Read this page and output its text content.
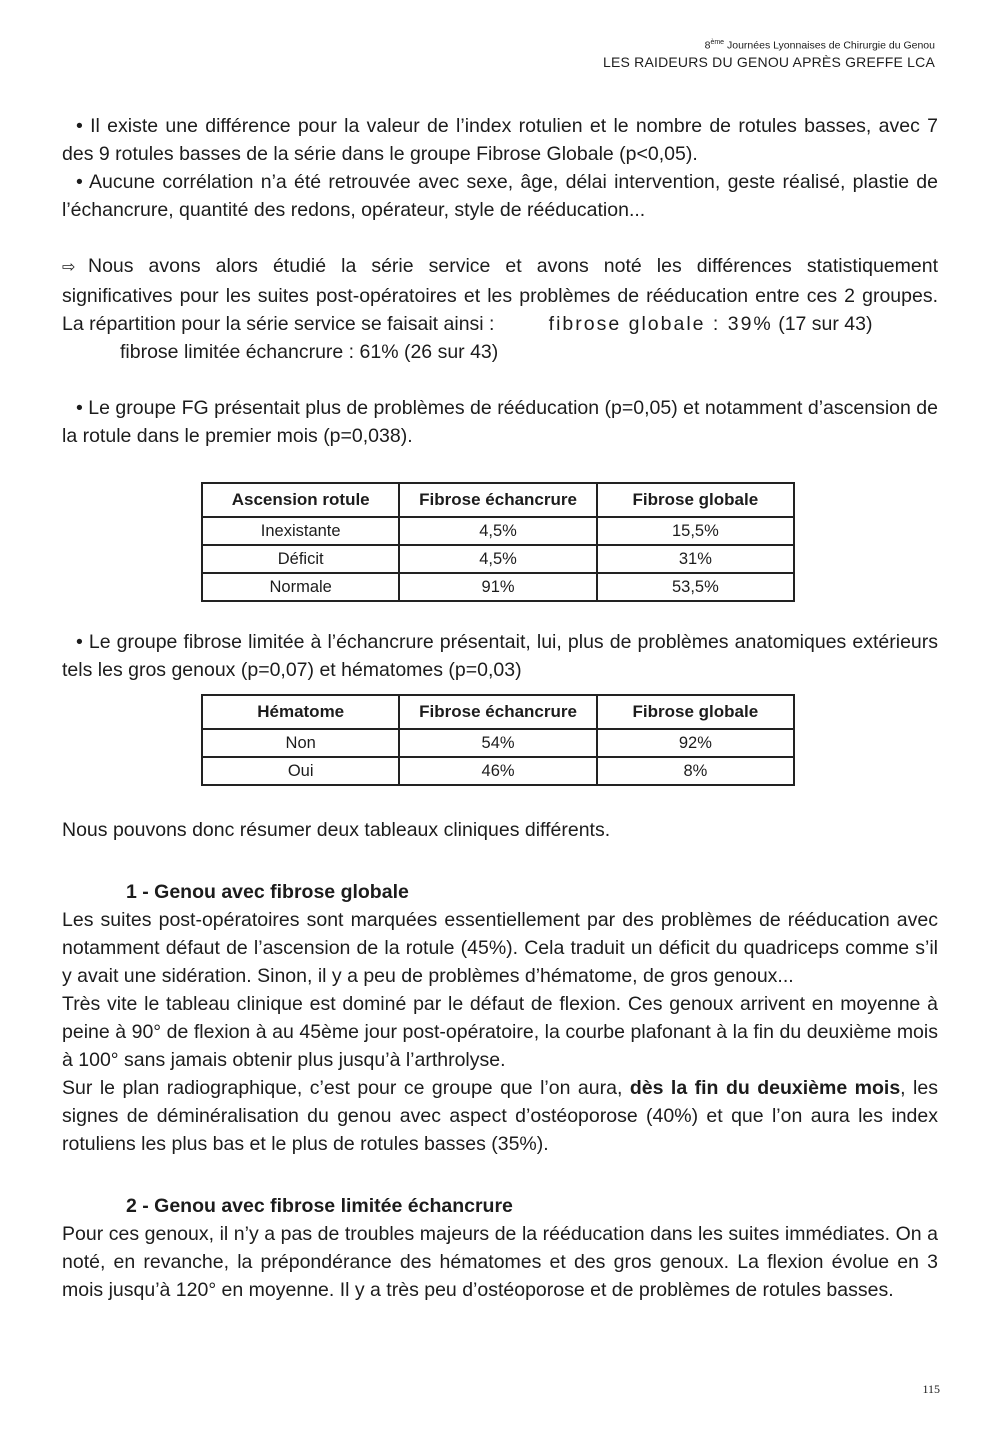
8ème Journées Lyonnaises de Chirurgie du Genou
LES RAIDEURS DU GENOU APRÈS GREFFE LCA

• Il existe une différence pour la valeur de l’index rotulien et le nombre de rotules basses, avec 7 des 9 rotules basses de la série dans le groupe Fibrose Globale (p<0,05).

• Aucune corrélation n’a été retrouvée avec sexe, âge, délai intervention, geste réalisé, plastie de l’échancrure, quantité des redons, opérateur, style de rééducation...

⇨ Nous avons alors étudié la série service et avons noté les différences statistiquement significatives pour les suites post-opératoires et les problèmes de rééducation entre ces 2 groupes. La répartition pour la série service se faisait ainsi :	fibrose globale : 39% (17 sur 43)

fibrose limitée échancrure : 61% (26 sur 43)

• Le groupe FG présentait plus de problèmes de rééducation (p=0,05) et notamment d’ascension de la rotule dans le premier mois (p=0,038).

Ascension rotule	Fibrose échancrure	Fibrose globale
Inexistante	4,5%	15,5%
Déficit	4,5%	31%
Normale	91%	53,5%

• Le groupe fibrose limitée à l’échancrure présentait, lui, plus de problèmes anatomiques extérieurs tels les gros genoux (p=0,07) et hématomes (p=0,03)

Hématome	Fibrose échancrure	Fibrose globale
Non	54%	92%
Oui	46%	8%

Nous pouvons donc résumer deux tableaux cliniques différents.

1 - Genou avec fibrose globale

Les suites post-opératoires sont marquées essentiellement par des problèmes de rééducation avec notamment défaut de l’ascension de la rotule (45%). Cela traduit un déficit du quadriceps comme s’il y avait une sidération. Sinon, il y a peu de problèmes d’hématome, de gros genoux...

Très vite le tableau clinique est dominé par le défaut de flexion. Ces genoux arrivent en moyenne à peine à 90° de flexion à au 45ème jour post-opératoire, la courbe plafonant à la fin du deuxième mois à 100° sans jamais obtenir plus jusqu’à l’arthrolyse.

Sur le plan radiographique, c’est pour ce groupe que l’on aura, dès la fin du deuxième mois, les signes de déminéralisation du genou avec aspect d’ostéoporose (40%) et que l’on aura les index rotuliens les plus bas et le plus de rotules basses (35%).

2 - Genou avec fibrose limitée échancrure

Pour ces genoux, il n’y a pas de troubles majeurs de la rééducation dans les suites immédiates. On a noté, en revanche, la prépondérance des hématomes et des gros genoux. La flexion évolue en 3 mois jusqu’à 120° en moyenne. Il y a très peu d’ostéoporose et de problèmes de rotules basses.

115
